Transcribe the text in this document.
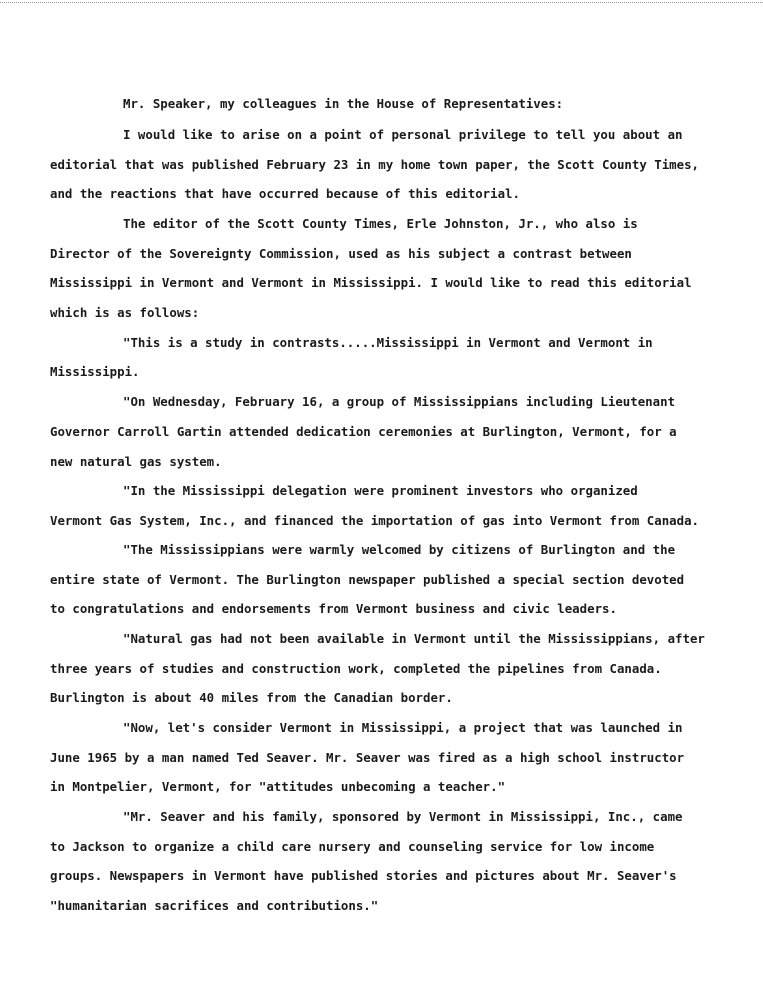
Mr. Speaker, my colleagues in the House of Representatives:
I would like to arise on a point of personal privilege to tell you about an
editorial that was published February 23 in my home town paper, the Scott County Times,
and the reactions that have occurred because of this editorial.
The editor of the Scott County Times, Erle Johnston, Jr., who also is
Director of the Sovereignty Commission, used as his subject a contrast between
Mississippi in Vermont and Vermont in Mississippi. I would like to read this editorial
which is as follows:
"This is a study in contrasts.....Mississippi in Vermont and Vermont in
Mississippi.
"On Wednesday, February 16, a group of Mississippians including Lieutenant
Governor Carroll Gartin attended dedication ceremonies at Burlington, Vermont, for a
new natural gas system.
"In the Mississippi delegation were prominent investors who organized
Vermont Gas System, Inc., and financed the importation of gas into Vermont from Canada.
"The Mississippians were warmly welcomed by citizens of Burlington and the
entire state of Vermont. The Burlington newspaper published a special section devoted
to congratulations and endorsements from Vermont business and civic leaders.
"Natural gas had not been available in Vermont until the Mississippians, after
three years of studies and construction work, completed the pipelines from Canada.
Burlington is about 40 miles from the Canadian border.
"Now, let's consider Vermont in Mississippi, a project that was launched in
June 1965 by a man named Ted Seaver. Mr. Seaver was fired as a high school instructor
in Montpelier, Vermont, for "attitudes unbecoming a teacher."
"Mr. Seaver and his family, sponsored by Vermont in Mississippi, Inc., came
to Jackson to organize a child care nursery and counseling service for low income
groups. Newspapers in Vermont have published stories and pictures about Mr. Seaver's
"humanitarian sacrifices and contributions."
